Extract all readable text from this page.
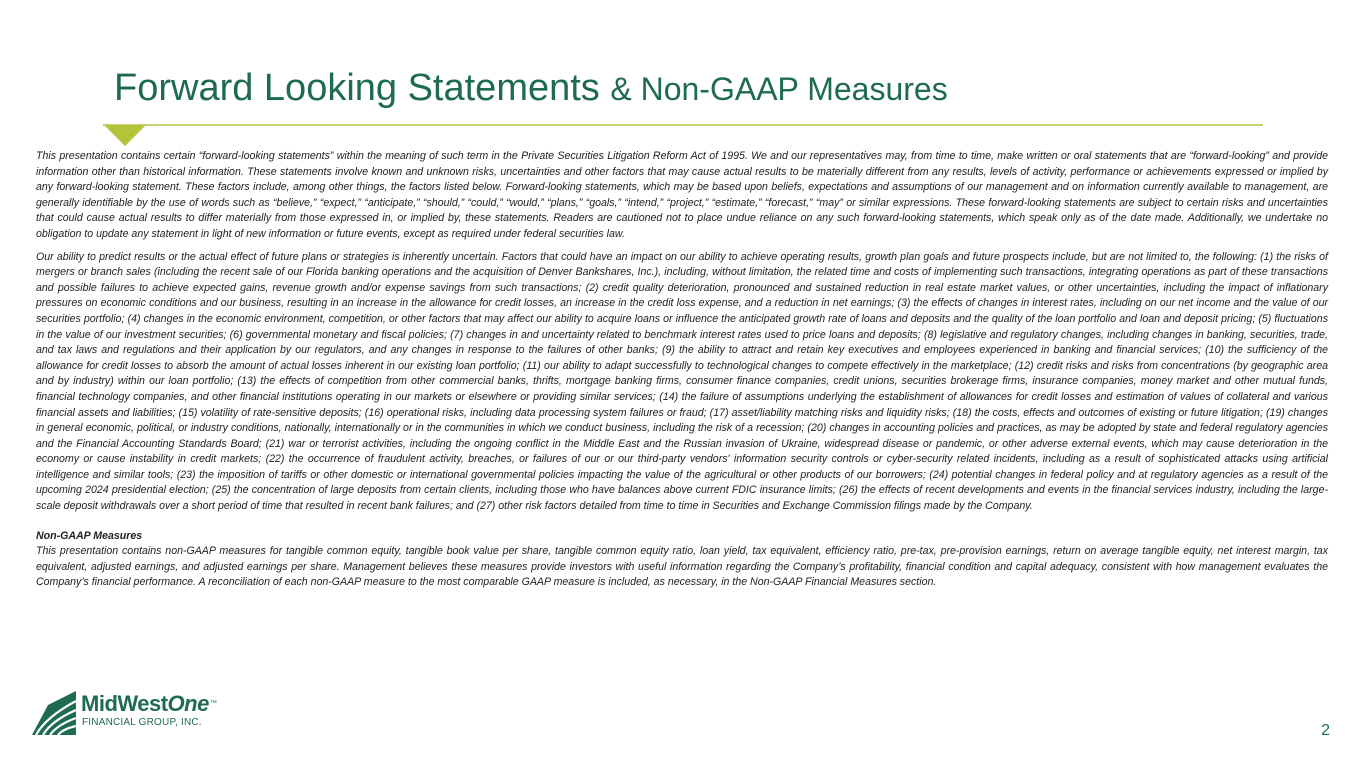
Forward Looking Statements & Non-GAAP Measures

This presentation contains certain “forward-looking statements” within the meaning of such term in the Private Securities Litigation Reform Act of 1995. We and our representatives may, from time to time, make written or oral statements that are “forward-looking” and provide information other than historical information. These statements involve known and unknown risks, uncertainties and other factors that may cause actual results to be materially different from any results, levels of activity, performance or achievements expressed or implied by any forward-looking statement. These factors include, among other things, the factors listed below. Forward-looking statements, which may be based upon beliefs, expectations and assumptions of our management and on information currently available to management, are generally identifiable by the use of words such as “believe,” “expect,” “anticipate,” “should,” “could,” “would,” “plans,” “goals,” “intend,” “project,” “estimate,” “forecast,” “may” or similar expressions. These forward-looking statements are subject to certain risks and uncertainties that could cause actual results to differ materially from those expressed in, or implied by, these statements. Readers are cautioned not to place undue reliance on any such forward-looking statements, which speak only as of the date made. Additionally, we undertake no obligation to update any statement in light of new information or future events, except as required under federal securities law.

Our ability to predict results or the actual effect of future plans or strategies is inherently uncertain. Factors that could have an impact on our ability to achieve operating results, growth plan goals and future prospects include, but are not limited to, the following: (1) the risks of mergers or branch sales (including the recent sale of our Florida banking operations and the acquisition of Denver Bankshares, Inc.), including, without limitation, the related time and costs of implementing such transactions, integrating operations as part of these transactions and possible failures to achieve expected gains, revenue growth and/or expense savings from such transactions; (2) credit quality deterioration, pronounced and sustained reduction in real estate market values, or other uncertainties, including the impact of inflationary pressures on economic conditions and our business, resulting in an increase in the allowance for credit losses, an increase in the credit loss expense, and a reduction in net earnings; (3) the effects of changes in interest rates, including on our net income and the value of our securities portfolio; (4) changes in the economic environment, competition, or other factors that may affect our ability to acquire loans or influence the anticipated growth rate of loans and deposits and the quality of the loan portfolio and loan and deposit pricing; (5) fluctuations in the value of our investment securities; (6) governmental monetary and fiscal policies; (7) changes in and uncertainty related to benchmark interest rates used to price loans and deposits; (8) legislative and regulatory changes, including changes in banking, securities, trade, and tax laws and regulations and their application by our regulators, and any changes in response to the failures of other banks; (9) the ability to attract and retain key executives and employees experienced in banking and financial services; (10) the sufficiency of the allowance for credit losses to absorb the amount of actual losses inherent in our existing loan portfolio; (11) our ability to adapt successfully to technological changes to compete effectively in the marketplace; (12) credit risks and risks from concentrations (by geographic area and by industry) within our loan portfolio; (13) the effects of competition from other commercial banks, thrifts, mortgage banking firms, consumer finance companies, credit unions, securities brokerage firms, insurance companies, money market and other mutual funds, financial technology companies, and other financial institutions operating in our markets or elsewhere or providing similar services; (14) the failure of assumptions underlying the establishment of allowances for credit losses and estimation of values of collateral and various financial assets and liabilities; (15) volatility of rate-sensitive deposits; (16) operational risks, including data processing system failures or fraud; (17) asset/liability matching risks and liquidity risks; (18) the costs, effects and outcomes of existing or future litigation; (19) changes in general economic, political, or industry conditions, nationally, internationally or in the communities in which we conduct business, including the risk of a recession; (20) changes in accounting policies and practices, as may be adopted by state and federal regulatory agencies and the Financial Accounting Standards Board; (21) war or terrorist activities, including the ongoing conflict in the Middle East and the Russian invasion of Ukraine, widespread disease or pandemic, or other adverse external events, which may cause deterioration in the economy or cause instability in credit markets; (22) the occurrence of fraudulent activity, breaches, or failures of our or our third-party vendors' information security controls or cyber-security related incidents, including as a result of sophisticated attacks using artificial intelligence and similar tools; (23) the imposition of tariffs or other domestic or international governmental policies impacting the value of the agricultural or other products of our borrowers; (24) potential changes in federal policy and at regulatory agencies as a result of the upcoming 2024 presidential election; (25) the concentration of large deposits from certain clients, including those who have balances above current FDIC insurance limits; (26) the effects of recent developments and events in the financial services industry, including the large-scale deposit withdrawals over a short period of time that resulted in recent bank failures; and (27) other risk factors detailed from time to time in Securities and Exchange Commission filings made by the Company.

Non-GAAP Measures

This presentation contains non-GAAP measures for tangible common equity, tangible book value per share, tangible common equity ratio, loan yield, tax equivalent, efficiency ratio, pre-tax, pre-provision earnings, return on average tangible equity, net interest margin, tax equivalent, adjusted earnings, and adjusted earnings per share. Management believes these measures provide investors with useful information regarding the Company’s profitability, financial condition and capital adequacy, consistent with how management evaluates the Company’s financial performance. A reconciliation of each non-GAAP measure to the most comparable GAAP measure is included, as necessary, in the Non-GAAP Financial Measures section.

MidWestOne™
FINANCIAL GROUP, INC.	2
